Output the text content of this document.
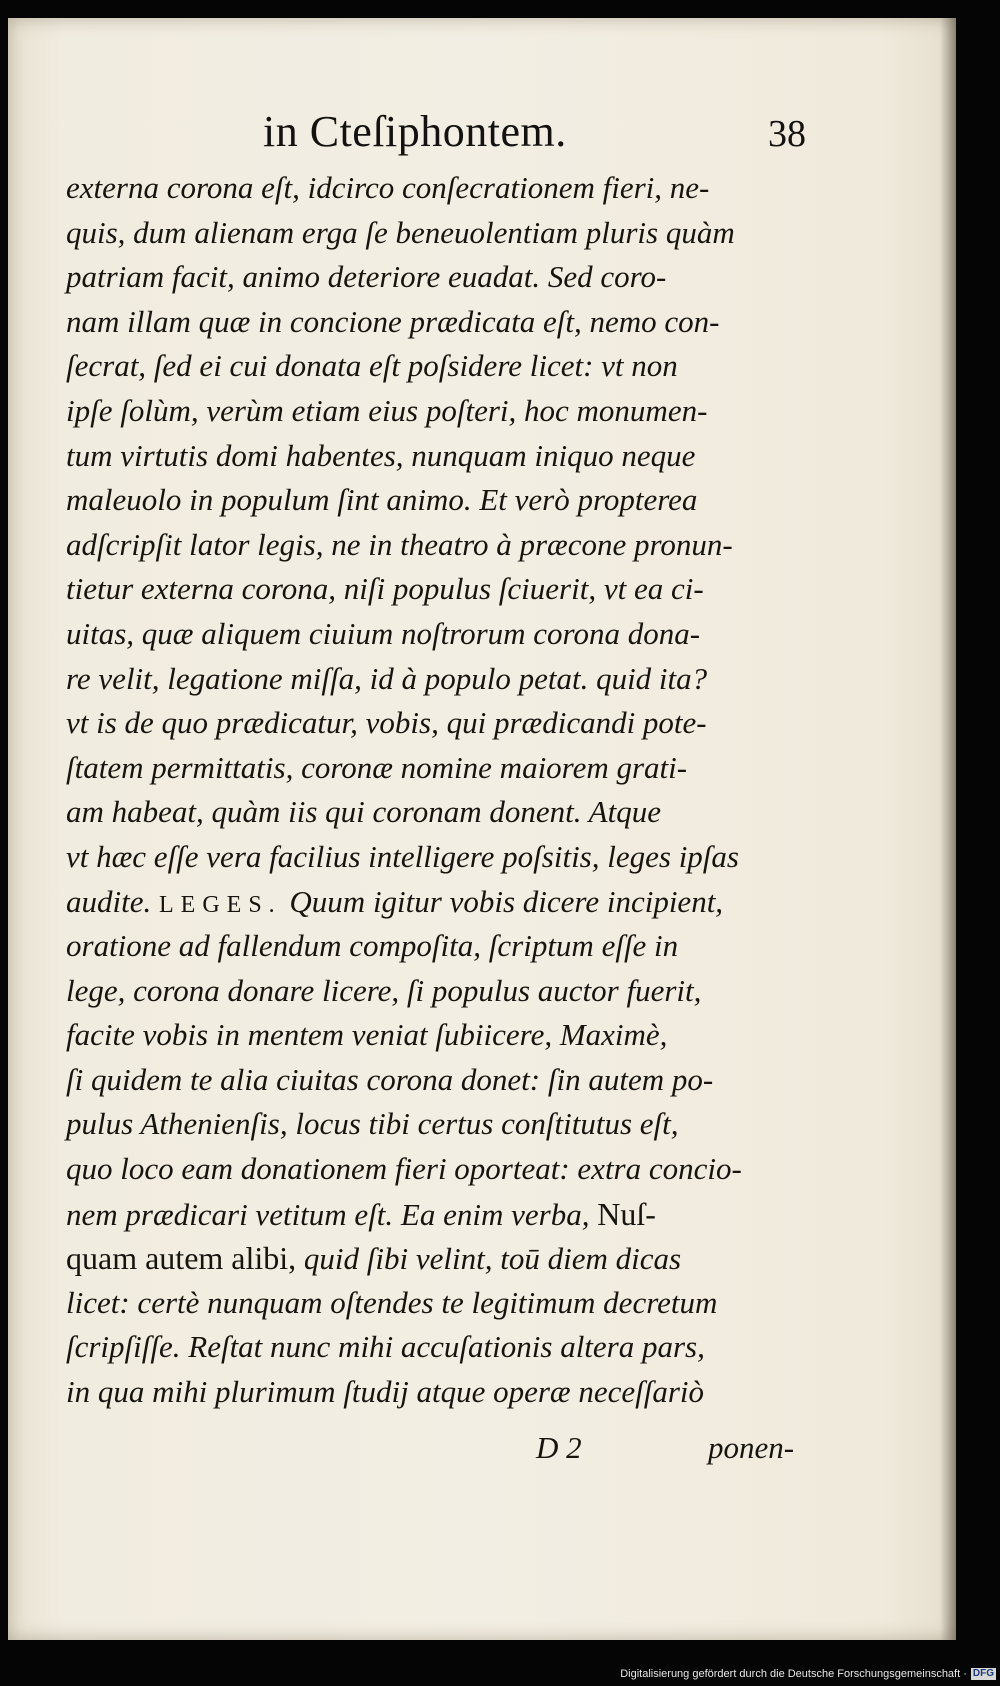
in Cteſiphontem.	38
externa corona eſt, idcirco conſecrationem fieri, ne-
quis, dum alienam erga ſe beneuolentiam pluris quàm
patriam facit, animo deteriore euadat. Sed coro-
nam illam quæ in concione prædicata eſt, nemo con-
ſecrat, ſed ei cui donata eſt poſsidere licet: vt non
ipſe ſolùm, verùm etiam eius poſteri, hoc monumen-
tum virtutis domi habentes, nunquam iniquo neque
maleuolo in populum ſint animo. Et verò propterea
adſcripſit lator legis, ne in theatro à præcone pronun-
tietur externa corona, niſi populus ſciuerit, vt ea ci-
uitas, quæ aliquem ciuium noſtrorum corona dona-
re velit, legatione miſſa, id à populo petat. quid ita?
vt is de quo prædicatur, vobis, qui prædicandi pote-
ſtatem permittatis, coronæ nomine maiorem grati-
am habeat, quàm iis qui coronam donent. Atque
vt hæc eſſe vera facilius intelligere poſsitis, leges ipſas
audite. LEGES. Quum igitur vobis dicere incipient,
oratione ad fallendum compoſita, ſcriptum eſſe in
lege, corona donare licere, ſi populus auctor fuerit,
facite vobis in mentem veniat ſubiicere, Maximè,
ſi quidem te alia ciuitas corona donet: ſin autem po-
pulus Athenienſis, locus tibi certus conſtitutus eſt,
quo loco eam donationem fieri oporteat: extra concio-
nem prædicari vetitum eſt. Ea enim verba, Nuſ-
quam autem alibi, quid ſibi velint, toū diem dicas
licet: certè nunquam oſtendes te legitimum decretum
ſcripſiſſe. Reſtat nunc mihi accuſationis altera pars,
in qua mihi plurimum ſtudij atque operæ neceſſariò
D 2	ponen-
Digitalisierung gefördert durch die Deutsche Forschungsgemeinschaft · DFG
